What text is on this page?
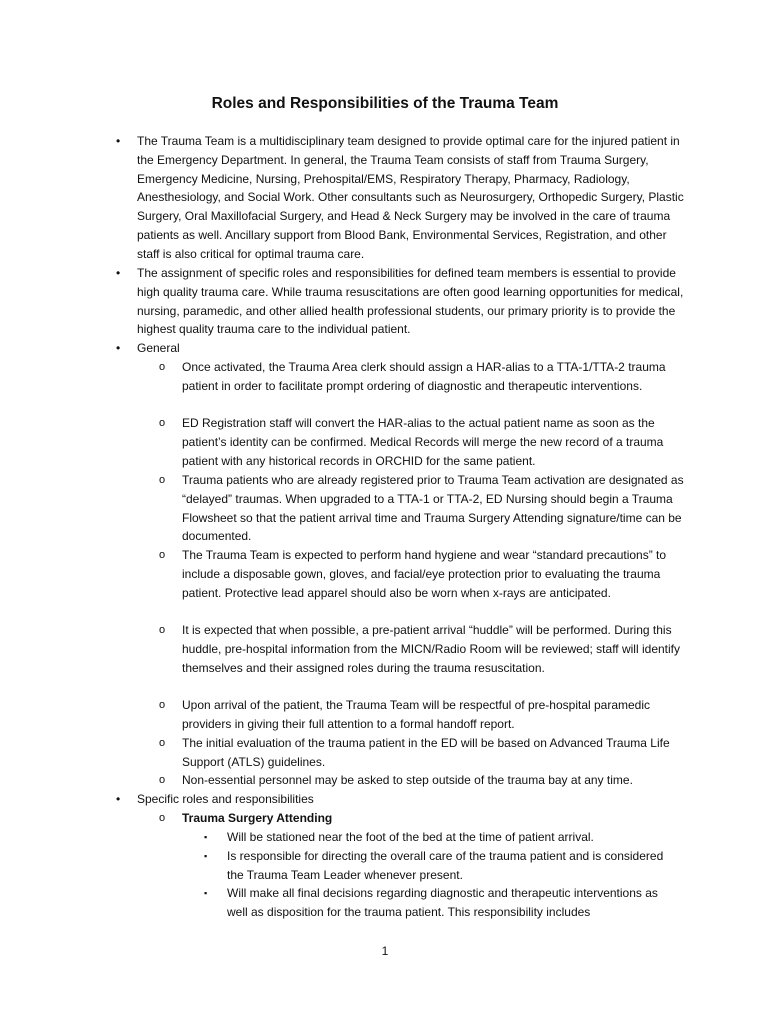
Roles and Responsibilities of the Trauma Team
• The Trauma Team is a multidisciplinary team designed to provide optimal care for the injured patient in the Emergency Department. In general, the Trauma Team consists of staff from Trauma Surgery, Emergency Medicine, Nursing, Prehospital/EMS, Respiratory Therapy, Pharmacy, Radiology, Anesthesiology, and Social Work. Other consultants such as Neurosurgery, Orthopedic Surgery, Plastic Surgery, Oral Maxillofacial Surgery, and Head & Neck Surgery may be involved in the care of trauma patients as well. Ancillary support from Blood Bank, Environmental Services, Registration, and other staff is also critical for optimal trauma care.

• The assignment of specific roles and responsibilities for defined team members is essential to provide high quality trauma care. While trauma resuscitations are often good learning opportunities for medical, nursing, paramedic, and other allied health professional students, our primary priority is to provide the highest quality trauma care to the individual patient.

• General

o Once activated, the Trauma Area clerk should assign a HAR-alias to a TTA-1/TTA-2 trauma patient in order to facilitate prompt ordering of diagnostic and therapeutic interventions.

o ED Registration staff will convert the HAR-alias to the actual patient name as soon as the patient’s identity can be confirmed. Medical Records will merge the new record of a trauma patient with any historical records in ORCHID for the same patient.

o Trauma patients who are already registered prior to Trauma Team activation are designated as “delayed” traumas. When upgraded to a TTA-1 or TTA-2, ED Nursing should begin a Trauma Flowsheet so that the patient arrival time and Trauma Surgery Attending signature/time can be documented.

o The Trauma Team is expected to perform hand hygiene and wear “standard precautions” to include a disposable gown, gloves, and facial/eye protection prior to evaluating the trauma patient. Protective lead apparel should also be worn when x-rays are anticipated.

o It is expected that when possible, a pre-patient arrival “huddle” will be performed. During this huddle, pre-hospital information from the MICN/Radio Room will be reviewed; staff will identify themselves and their assigned roles during the trauma resuscitation.

o Upon arrival of the patient, the Trauma Team will be respectful of pre-hospital paramedic providers in giving their full attention to a formal handoff report.

o The initial evaluation of the trauma patient in the ED will be based on Advanced Trauma Life Support (ATLS) guidelines.

o Non-essential personnel may be asked to step outside of the trauma bay at any time.

• Specific roles and responsibilities

o Trauma Surgery Attending

▪ Will be stationed near the foot of the bed at the time of patient arrival.

▪ Is responsible for directing the overall care of the trauma patient and is considered the Trauma Team Leader whenever present.

▪ Will make all final decisions regarding diagnostic and therapeutic interventions as well as disposition for the trauma patient. This responsibility includes

1
